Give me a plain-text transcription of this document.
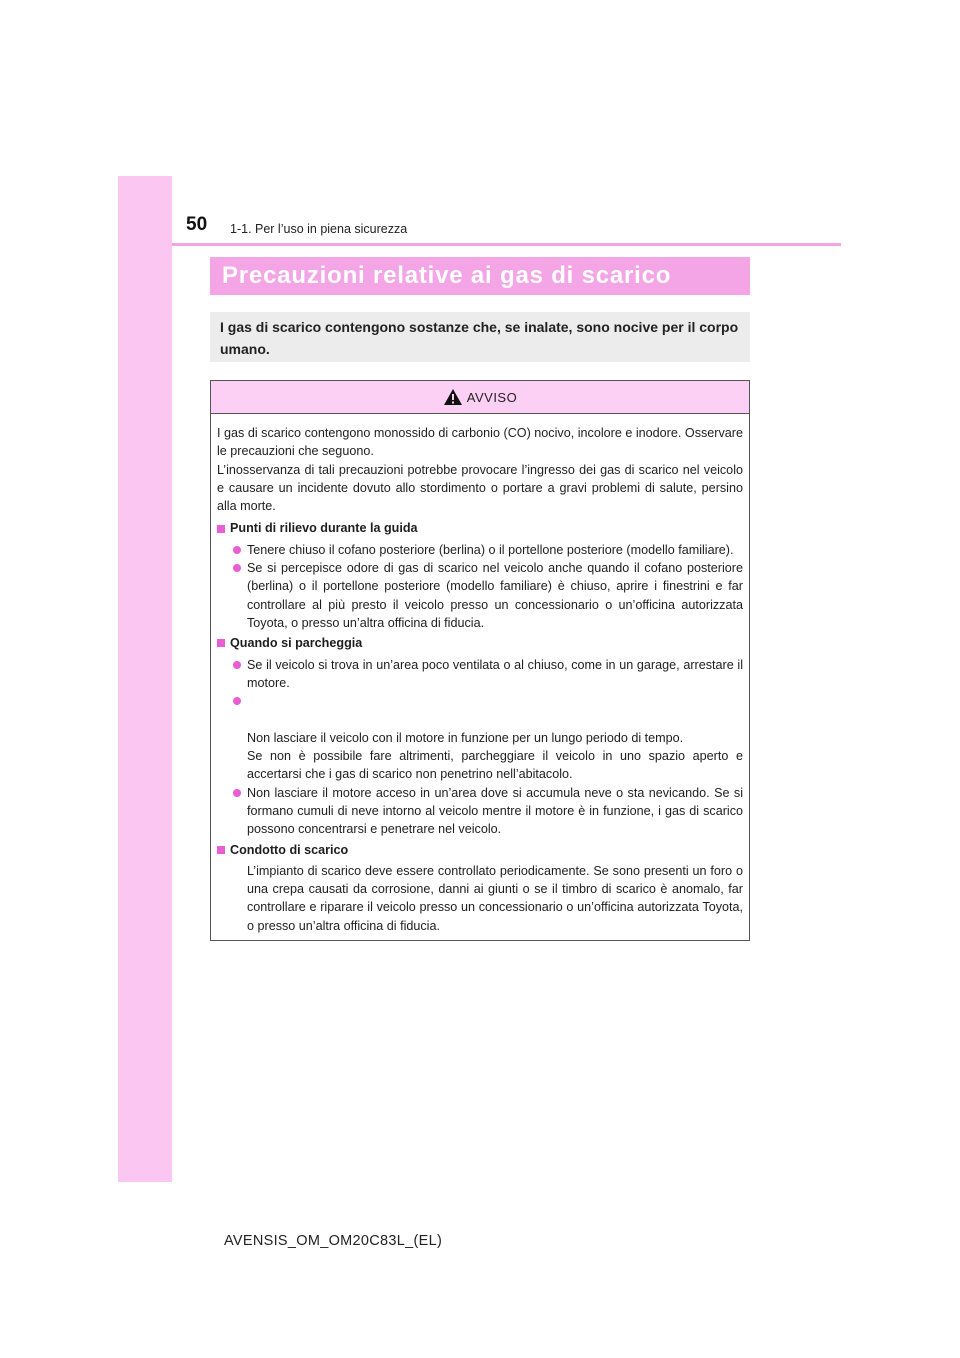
50 1-1. Per l’uso in piena sicurezza
Precauzioni relative ai gas di scarico
I gas di scarico contengono sostanze che, se inalate, sono nocive per il corpo umano.
AVVISO

I gas di scarico contengono monossido di carbonio (CO) nocivo, incolore e inodore. Osservare le precauzioni che seguono.

L’inosservanza di tali precauzioni potrebbe provocare l’ingresso dei gas di scarico nel veicolo e causare un incidente dovuto allo stordimento o portare a gravi problemi di salute, persino alla morte.

Punti di rilievo durante la guida

Tenere chiuso il cofano posteriore (berlina) o il portellone posteriore (modello familiare).

Se si percepisce odore di gas di scarico nel veicolo anche quando il cofano posteriore (berlina) o il portellone posteriore (modello familiare) è chiuso, aprire i finestrini e far controllare al più presto il veicolo presso un concessionario o un’officina autorizzata Toyota, o presso un’altra officina di fiducia.

Quando si parcheggia

Se il veicolo si trova in un’area poco ventilata o al chiuso, come in un garage, arrestare il motore.

Non lasciare il veicolo con il motore in funzione per un lungo periodo di tempo.
Se non è possibile fare altrimenti, parcheggiare il veicolo in uno spazio aperto e accertarsi che i gas di scarico non penetrino nell’abitacolo.

Non lasciare il motore acceso in un’area dove si accumula neve o sta nevicando. Se si formano cumuli di neve intorno al veicolo mentre il motore è in funzione, i gas di scarico possono concentrarsi e penetrare nel veicolo.

Condotto di scarico

L’impianto di scarico deve essere controllato periodicamente. Se sono presenti un foro o una crepa causati da corrosione, danni ai giunti o se il timbro di scarico è anomalo, far controllare e riparare il veicolo presso un concessionario o un’officina autorizzata Toyota, o presso un’altra officina di fiducia.

AVENSIS_OM_OM20C83L_(EL)
